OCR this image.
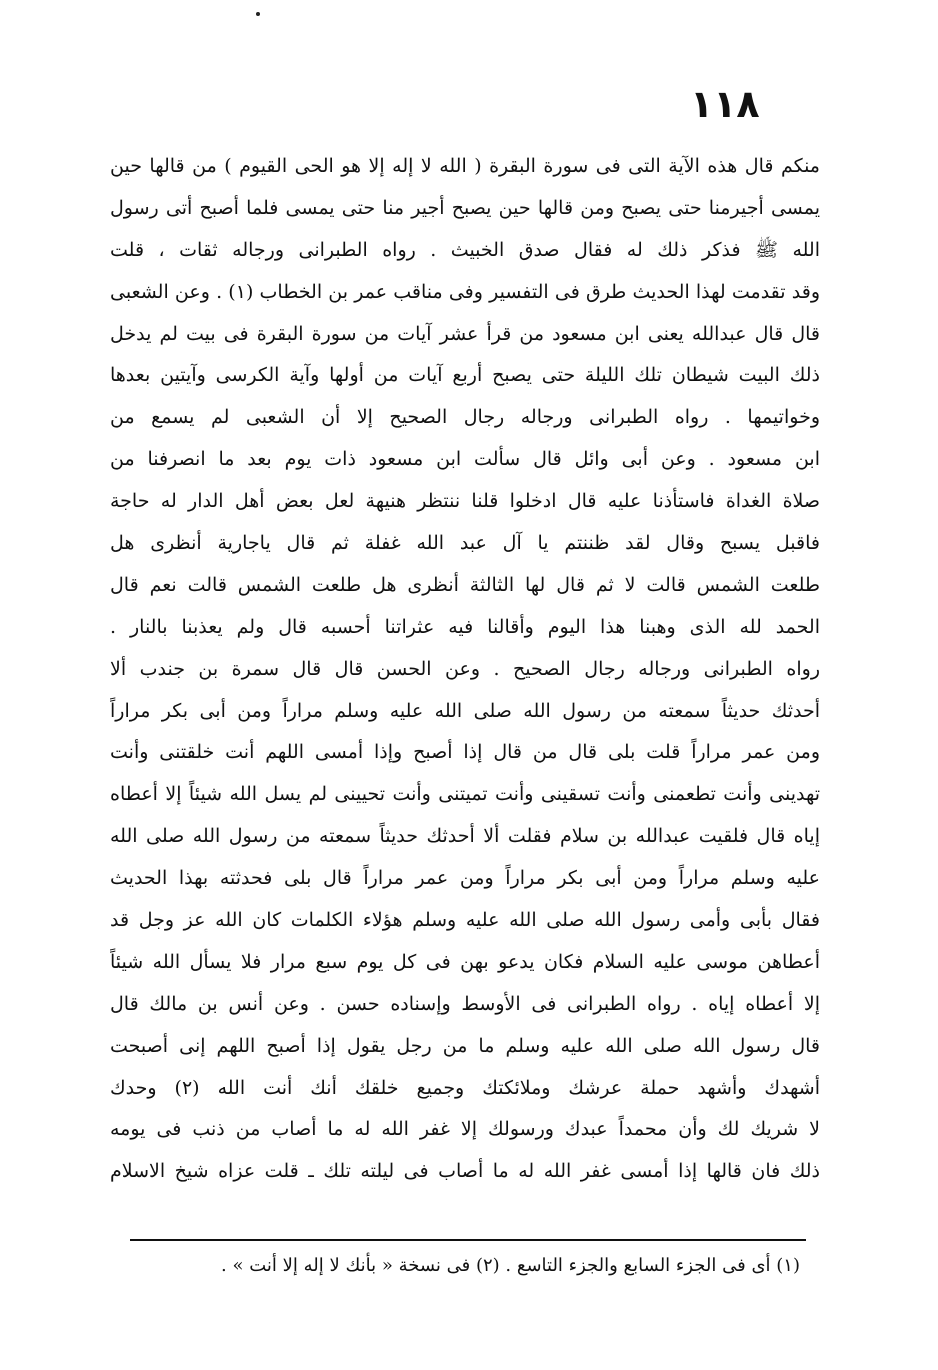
١١٨
منكم قال هذه الآية التى فى سورة البقرة ( الله لا إله إلا هو الحى القيوم ) من قالها حين
يمسى أجيرمنا حتى يصبح ومن قالها حين يصبح أجير منا حتى يمسى فلما أصبح أتى رسول
الله ﷺ فذكر ذلك له فقال صدق الخبيث . رواه الطبرانى ورجاله ثقات ، قلت
وقد تقدمت لهذا الحديث طرق فى التفسير وفى مناقب عمر بن الخطاب (١) . وعن الشعبى
قال قال عبدالله يعنى ابن مسعود من قرأ عشر آيات من سورة البقرة فى بيت لم يدخل
ذلك البيت شيطان تلك الليلة حتى يصبح أربع آيات من أولها وآية الكرسى وآيتين بعدها
وخواتيمها . رواه الطبرانى ورجاله رجال الصحيح إلا أن الشعبى لم يسمع من
ابن مسعود . وعن أبى وائل قال سألت ابن مسعود ذات يوم بعد ما انصرفنا من
صلاة الغداة فاستأذنا عليه قال ادخلوا قلنا ننتظر هنيهة لعل بعض أهل الدار له حاجة
فاقبل يسبح وقال لقد ظننتم يا آل عبد الله غفلة ثم قال ياجارية أنظرى هل
طلعت الشمس قالت لا ثم قال لها الثالثة أنظرى هل طلعت الشمس قالت نعم قال
الحمد لله الذى وهبنا هذا اليوم وأقالنا فيه عثراتنا أحسبه قال ولم يعذبنا بالنار .
رواه الطبرانى ورجاله رجال الصحيح . وعن الحسن قال قال سمرة بن جندب ألا
أحدثك حديثاً سمعته من رسول الله صلى الله عليه وسلم مراراً ومن أبى بكر مراراً
ومن عمر مراراً قلت بلى قال من قال إذا أصبح وإذا أمسى اللهم أنت خلقتنى وأنت
تهدينى وأنت تطعمنى وأنت تسقينى وأنت تميتنى وأنت تحيينى لم يسل الله شيئاً إلا أعطاه
إياه قال فلقيت عبدالله بن سلام فقلت ألا أحدثك حديثاً سمعته من رسول الله صلى الله
عليه وسلم مراراً ومن أبى بكر مراراً ومن عمر مراراً قال بلى فحدثته بهذا الحديث
فقال بأبى وأمى رسول الله صلى الله عليه وسلم هؤلاء الكلمات كان الله عز وجل قد
أعطاهن موسى عليه السلام فكان يدعو بهن فى كل يوم سبع مرار فلا يسأل الله شيئاً
إلا أعطاه إياه . رواه الطبرانى فى الأوسط وإسناده حسن . وعن أنس بن مالك قال
قال رسول الله صلى الله عليه وسلم ما من رجل يقول إذا أصبح اللهم إنى أصبحت
أشهدك وأشهد حملة عرشك وملائكتك وجميع خلقك أنك أنت الله (٢) وحدك
لا شريك لك وأن محمداً عبدك ورسولك إلا غفر الله له ما أصاب من ذنب فى يومه
ذلك فان قالها إذا أمسى غفر الله له ما أصاب فى ليلته تلك ـ قلت عزاه شيخ الاسلام
(١) أى فى الجزء السابع والجزء التاسع . (٢) فى نسخة « بأنك لا إله إلا أنت » .
